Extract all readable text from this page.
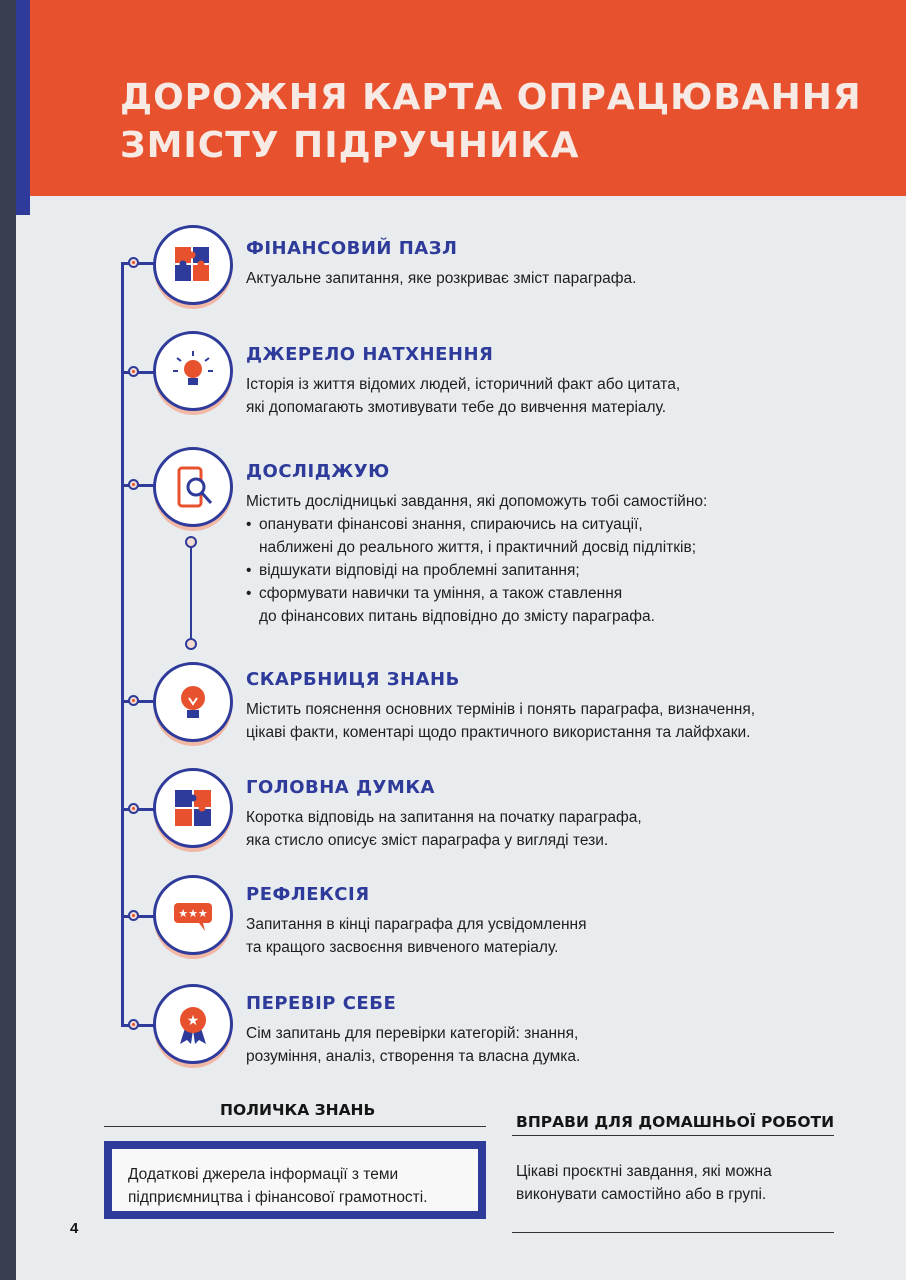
ДОРОЖНЯ КАРТА ОПРАЦЮВАННЯ
ЗМІСТУ ПІДРУЧНИКА
ФІНАНСОВИЙ ПАЗЛ

Актуальне запитання, яке розкриває зміст параграфа.

ДЖЕРЕЛО НАТХНЕННЯ

Історія із життя відомих людей, історичний факт або цитата,

які допомагають змотивувати тебе до вивчення матеріалу.

ДОСЛІДЖУЮ

Містить дослідницькі завдання, які допоможуть тобі самостійно:

• опанувати фінансові знання, спираючись на ситуації,
наближені до реального життя, і практичний досвід підлітків;
• відшукати відповіді на проблемні запитання;
• сформувати навички та уміння, а також ставлення
до фінансових питань відповідно до змісту параграфа.
СКАРБНИЦЯ ЗНАНЬ

Містить пояснення основних термінів і понять параграфа, визначення,

цікаві факти, коментарі щодо практичного використання та лайфхаки.

ГОЛОВНА ДУМКА

Коротка відповідь на запитання на початку параграфа,

яка стисло описує зміст параграфа у вигляді тези.

★★★
РЕФЛЕКСІЯ

Запитання в кінці параграфа для усвідомлення

та кращого засвоєння вивченого матеріалу.

★
ПЕРЕВІР СЕБЕ

Сім запитань для перевірки категорій: знання,

розуміння, аналіз, створення та власна думка.

ПОЛИЧКА ЗНАНЬ
Додаткові джерела інформації з теми
підприємництва і фінансової грамотності.
ВПРАВИ ДЛЯ ДОМАШНЬОЇ РОБОТИ
Цікаві проєктні завдання, які можна
виконувати самостійно або в групі.
4
